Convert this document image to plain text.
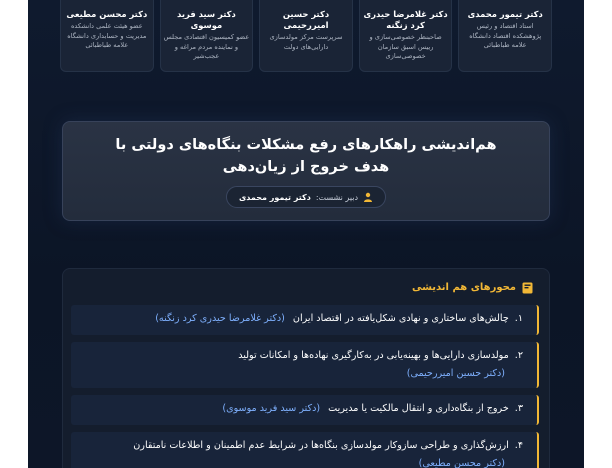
دکتر تیمور محمدی
استاد اقتصاد و رئیس پژوهشکده اقتصاد دانشگاه علامه طباطبائی
دکتر غلامرضا حیدری کرد زنگنه
صاحبنظر خصوصی‌سازی و رییس اسبق سازمان خصوصی‌سازی
دکتر حسین امیررحیمی
سرپرست مرکز مولدسازی دارایی‌های دولت
دکتر سید فرید موسوی
عضو کمیسیون اقتصادی مجلس و نماینده مردم مراغه و عجب‌شیر
دکتر محسن مطیعی
عضو هیئت علمی دانشکده مدیریت و حسابداری دانشگاه علامه طباطبائی
هم‌اندیشی راهکارهای رفع مشکلات بنگاه‌های دولتی با هدف خروج از زیان‌دهی
دبیر نشست:
دکتر تیمور محمدی
محورهای هم اندیشی
۱.چالش‌های ساختاری و نهادی شکل‌یافته در اقتصاد ایران(دکتر غلامرضا حیدری کرد زنگنه)
۲.مولدسازی دارایی‌ها و بهینه‌یابی در به‌کارگیری نهاده‌ها و امکانات تولید
(دکتر حسین امیررحیمی)
۳.خروج از بنگاه‌داری و انتقال مالکیت یا مدیریت(دکتر سید فرید موسوی)
۴.ارزش‌گذاری و طراحی سازوکار مولدسازی بنگاه‌ها در شرایط عدم اطمینان و اطلاعات نامتقارن
(دکتر محسن مطیعی)
